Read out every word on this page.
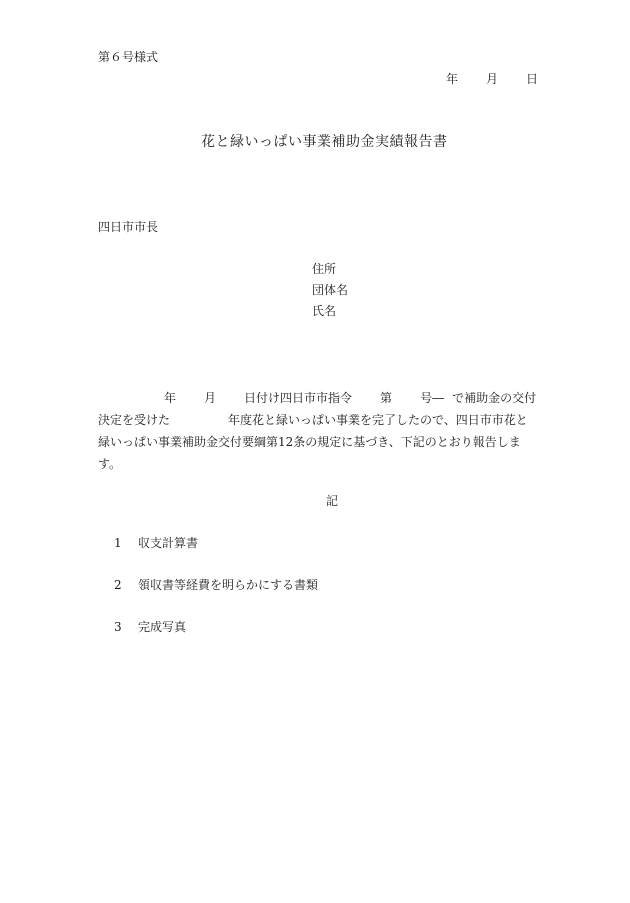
第６号様式
年 月 日
花と緑いっぱい事業補助金実績報告書
四日市市長
住所
団体名
氏名
年 月 日付け四日市市指令 第 号― で補助金の交付
決定を受けた	年度花と緑いっぱい事業を完了したので、四日市市花と
緑いっぱい事業補助金交付要綱第12条の規定に基づき、下記のとおり報告しま
す。
記
1 収支計算書
2 領収書等経費を明らかにする書類
3 完成写真
